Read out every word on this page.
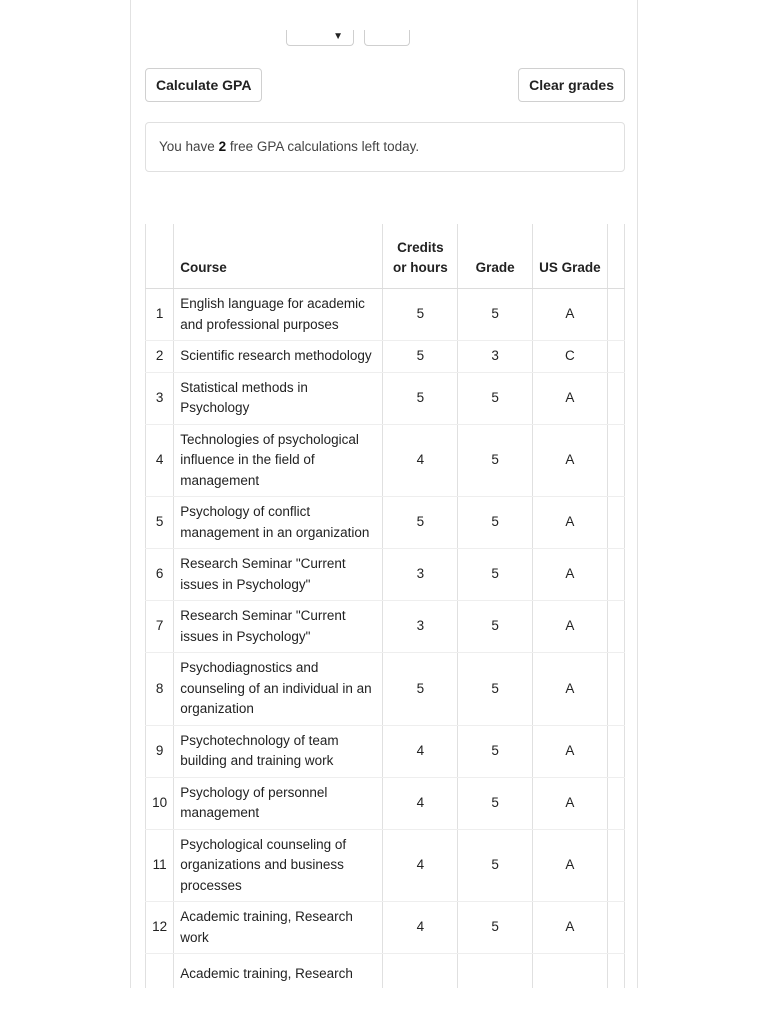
▼
Calculate GPA	Clear grades
You have 2 free GPA calculations left today.
	Course	Credits
or hours	Grade	US Grade	
1	English language for academic and professional purposes	5	5	A	
2	Scientific research methodology	5	3	C	
3	Statistical methods in Psychology	5	5	A	
4	Technologies of psychological influence in the field of management	4	5	A	
5	Psychology of conflict management in an organization	5	5	A	
6	Research Seminar "Current issues in Psychology"	3	5	A	
7	Research Seminar "Current issues in Psychology"	3	5	A	
8	Psychodiagnostics and counseling of an individual in an organization	5	5	A	
9	Psychotechnology of team building and training work	4	5	A	
10	Psychology of personnel management	4	5	A	
11	Psychological counseling of organizations and business processes	4	5	A	
12	Academic training, Research work	4	5	A	
	Academic training, Research				
